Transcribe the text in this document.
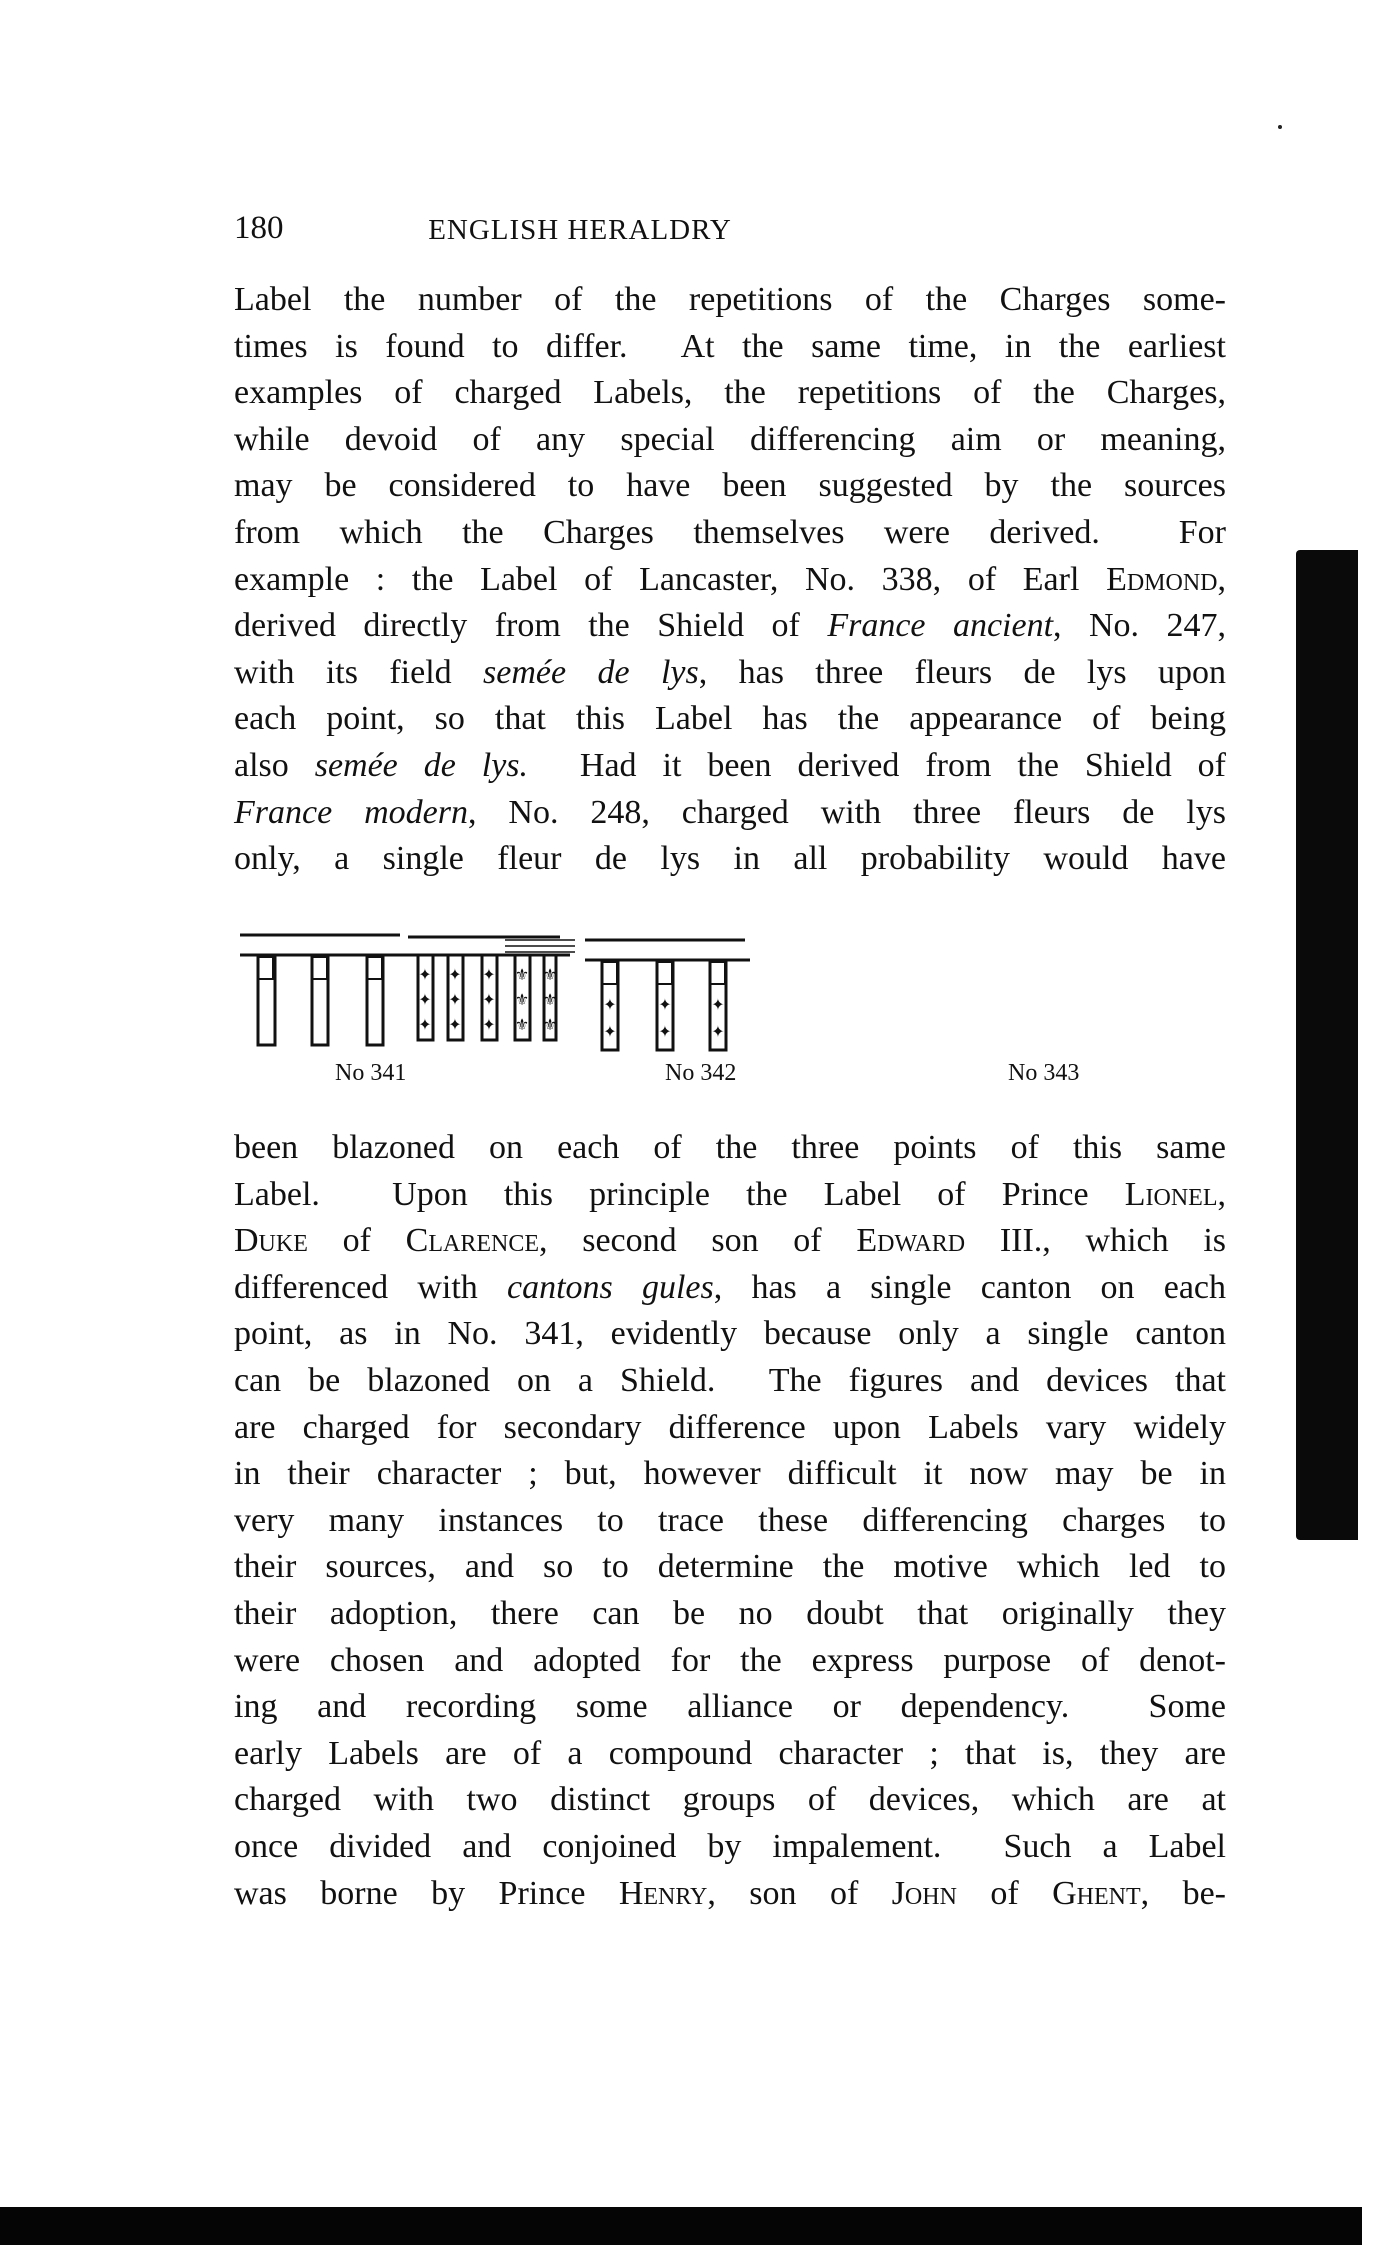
180	ENGLISH HERALDRY
Label the number of the repetitions of the Charges some-
times is found to differ.  At the same time, in the earliest
examples of charged Labels, the repetitions of the Charges,
while devoid of any special differencing aim or meaning,
may be considered to have been suggested by the sources
from which the Charges themselves were derived.  For
example : the Label of Lancaster, No. 338, of Earl Edmond,
derived directly from the Shield of France ancient, No. 247,
with its field semée de lys, has three fleurs de lys upon
each point, so that this Label has the appearance of being
also semée de lys.  Had it been derived from the Shield of
France modern, No. 248, charged with three fleurs de lys
only, a single fleur de lys in all probability would have
✦
✦
✦
✦
✦
✦
✦
✦
✦
⚜
⚜
⚜
⚜
⚜
⚜
✦
✦
✦
✦
✦
✦
No 341	No 342	No 343
been blazoned on each of the three points of this same
Label.  Upon this principle the Label of Prince Lionel,
Duke of Clarence, second son of Edward III., which is
differenced with cantons gules, has a single canton on each
point, as in No. 341, evidently because only a single canton
can be blazoned on a Shield.  The figures and devices that
are charged for secondary difference upon Labels vary widely
in their character ; but, however difficult it now may be in
very many instances to trace these differencing charges to
their sources, and so to determine the motive which led to
their adoption, there can be no doubt that originally they
were chosen and adopted for the express purpose of denot-
ing and recording some alliance or dependency.  Some
early Labels are of a compound character ; that is, they are
charged with two distinct groups of devices, which are at
once divided and conjoined by impalement.  Such a Label
was borne by Prince Henry, son of John of Ghent, be-
